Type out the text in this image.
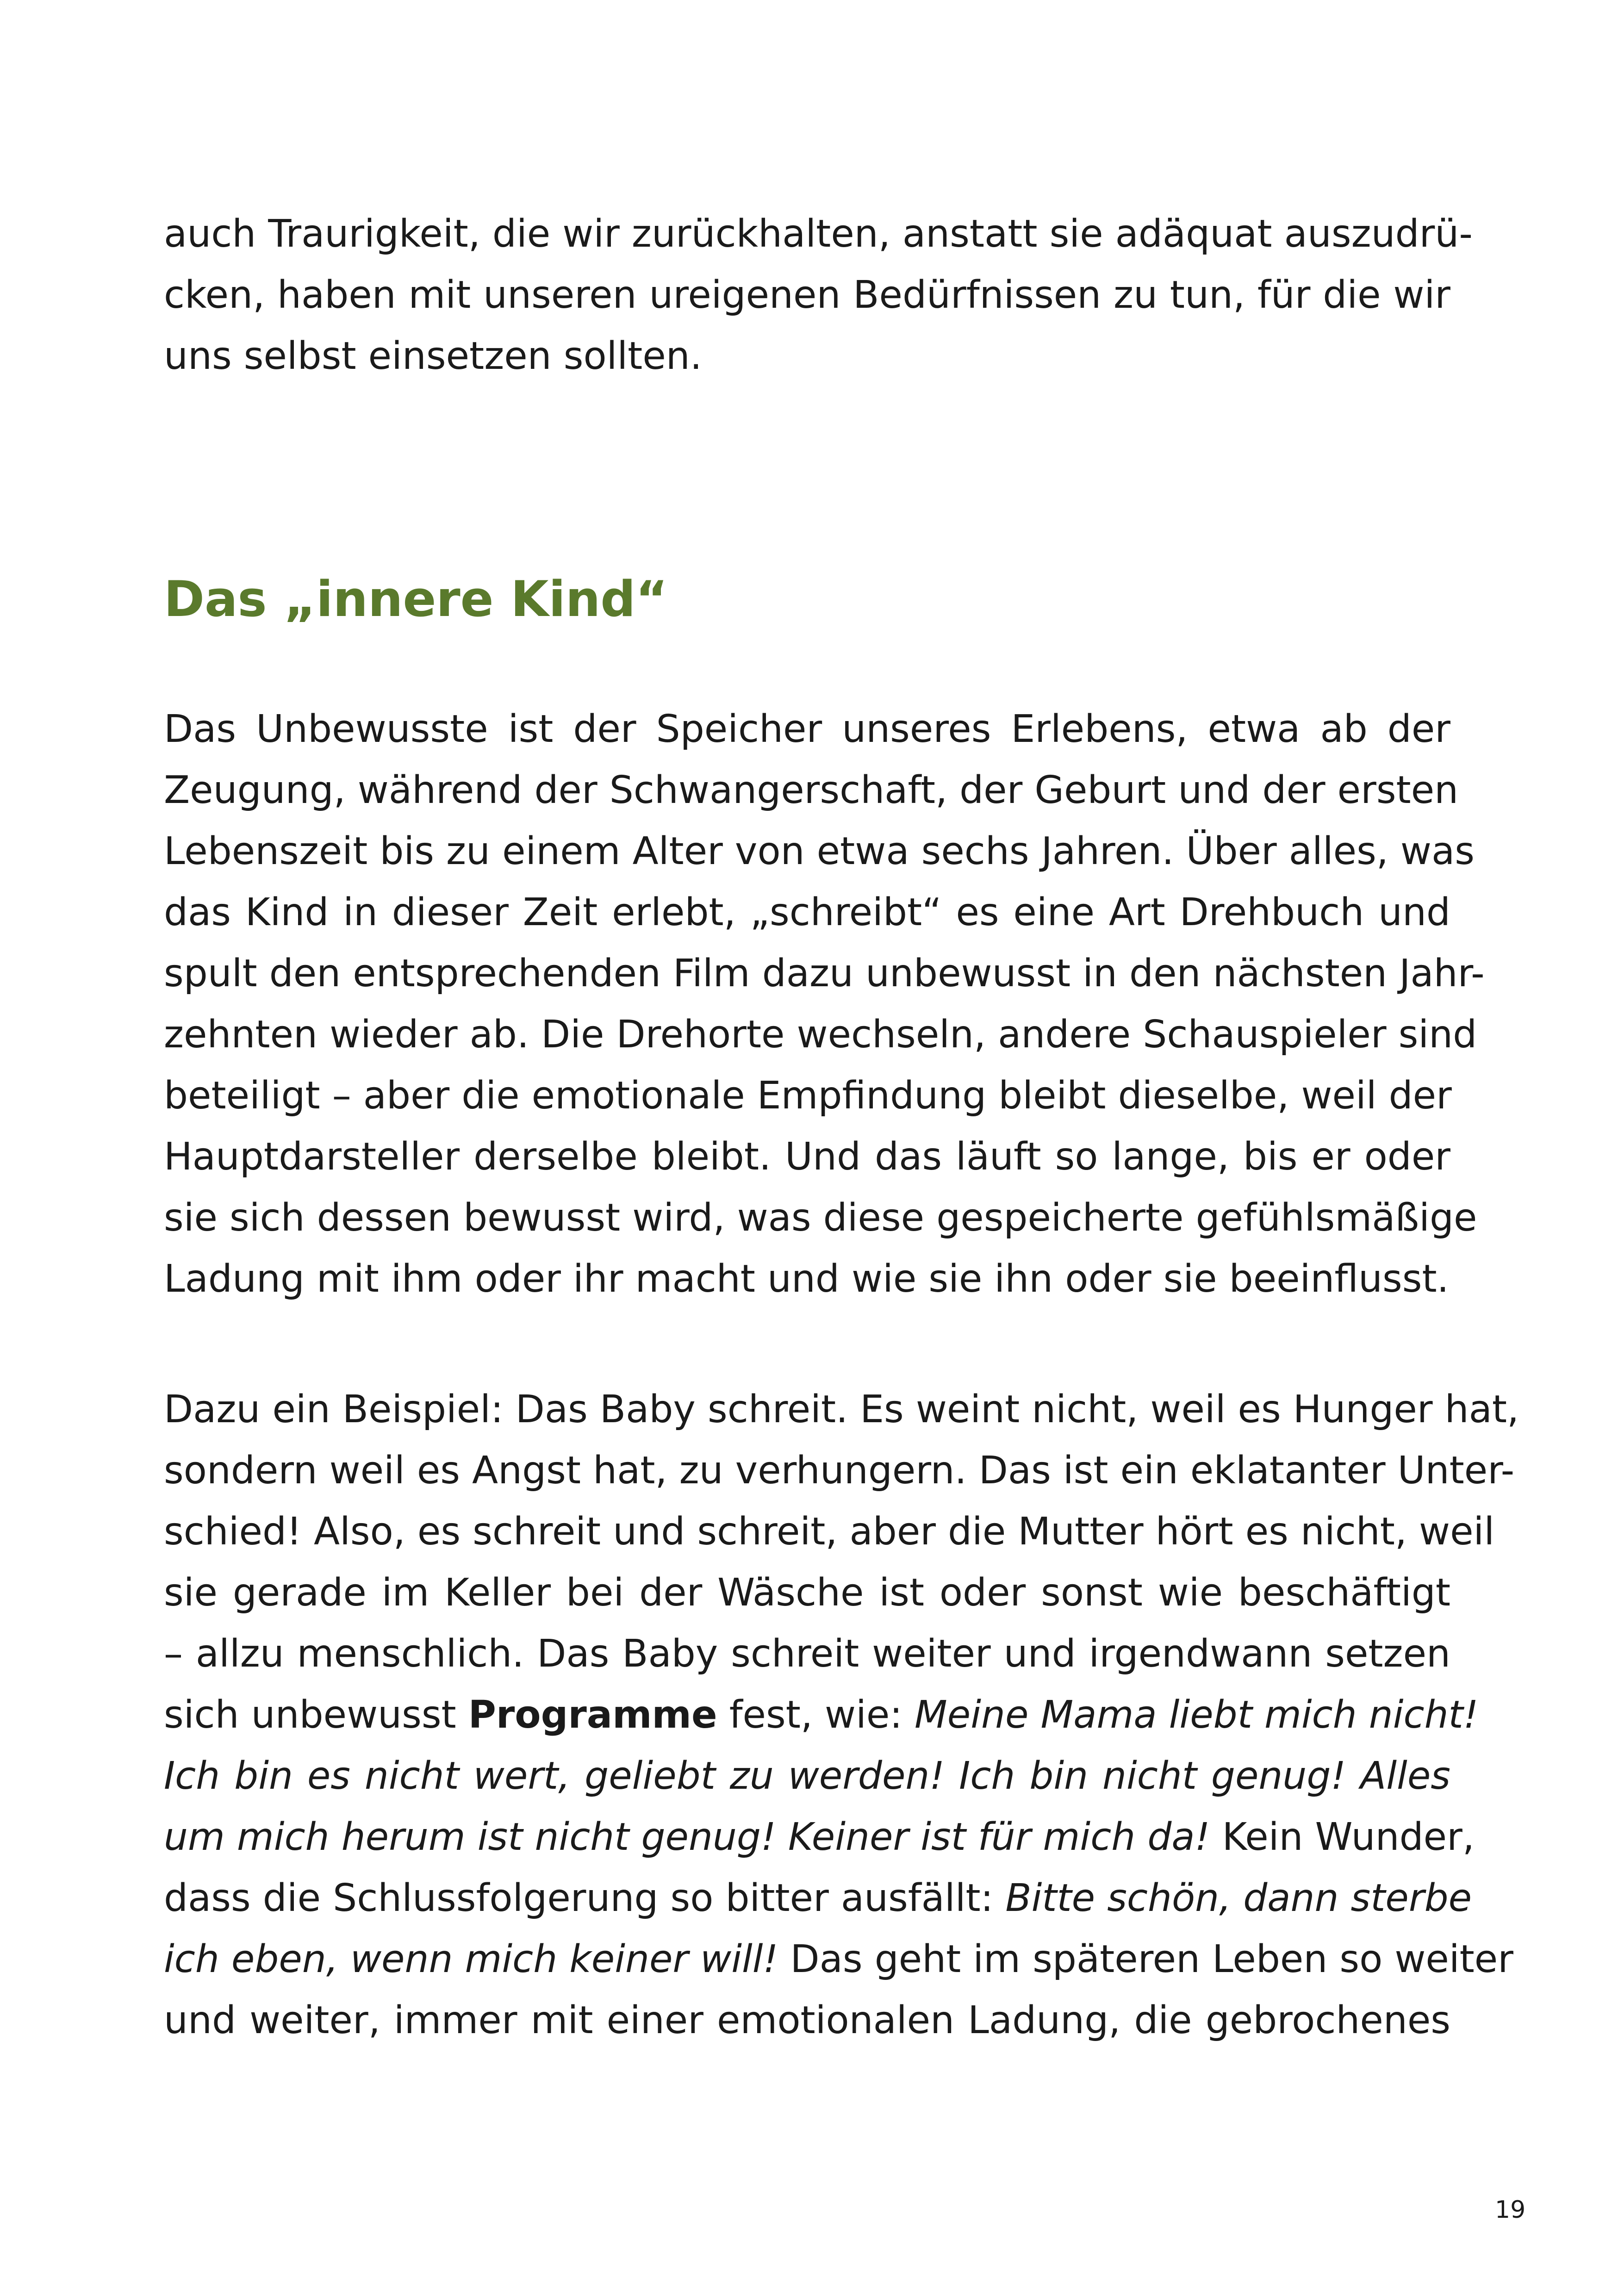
auch Traurigkeit, die wir zurückhalten, anstatt sie adäquat auszudrü-
cken, haben mit unseren ureigenen Bedürfnissen zu tun, für die wir
uns selbst einsetzen sollten.
Das „innere Kind“
Das Unbewusste ist der Speicher unseres Erlebens, etwa ab der
Zeugung, während der Schwangerschaft, der Geburt und der ersten
Lebenszeit bis zu einem Alter von etwa sechs Jahren. Über alles, was
das Kind in dieser Zeit erlebt, „schreibt“ es eine Art Drehbuch und
spult den entsprechenden Film dazu unbewusst in den nächsten Jahr-
zehnten wieder ab. Die Drehorte wechseln, andere Schauspieler sind
beteiligt – aber die emotionale Empfindung bleibt dieselbe, weil der
Hauptdarsteller derselbe bleibt. Und das läuft so lange, bis er oder
sie sich dessen bewusst wird, was diese gespeicherte gefühlsmäßige
Ladung mit ihm oder ihr macht und wie sie ihn oder sie beeinflusst.
Dazu ein Beispiel: Das Baby schreit. Es weint nicht, weil es Hunger hat,
sondern weil es Angst hat, zu verhungern. Das ist ein eklatanter Unter-
schied! Also, es schreit und schreit, aber die Mutter hört es nicht, weil
sie gerade im Keller bei der Wäsche ist oder sonst wie beschäftigt
– allzu menschlich. Das Baby schreit weiter und irgendwann setzen
sich unbewusst Programme fest, wie: Meine Mama liebt mich nicht!
Ich bin es nicht wert, geliebt zu werden! Ich bin nicht genug! Alles
um mich herum ist nicht genug! Keiner ist für mich da! Kein Wunder,
dass die Schlussfolgerung so bitter ausfällt: Bitte schön, dann sterbe
ich eben, wenn mich keiner will! Das geht im späteren Leben so weiter
und weiter, immer mit einer emotionalen Ladung, die gebrochenes
19
